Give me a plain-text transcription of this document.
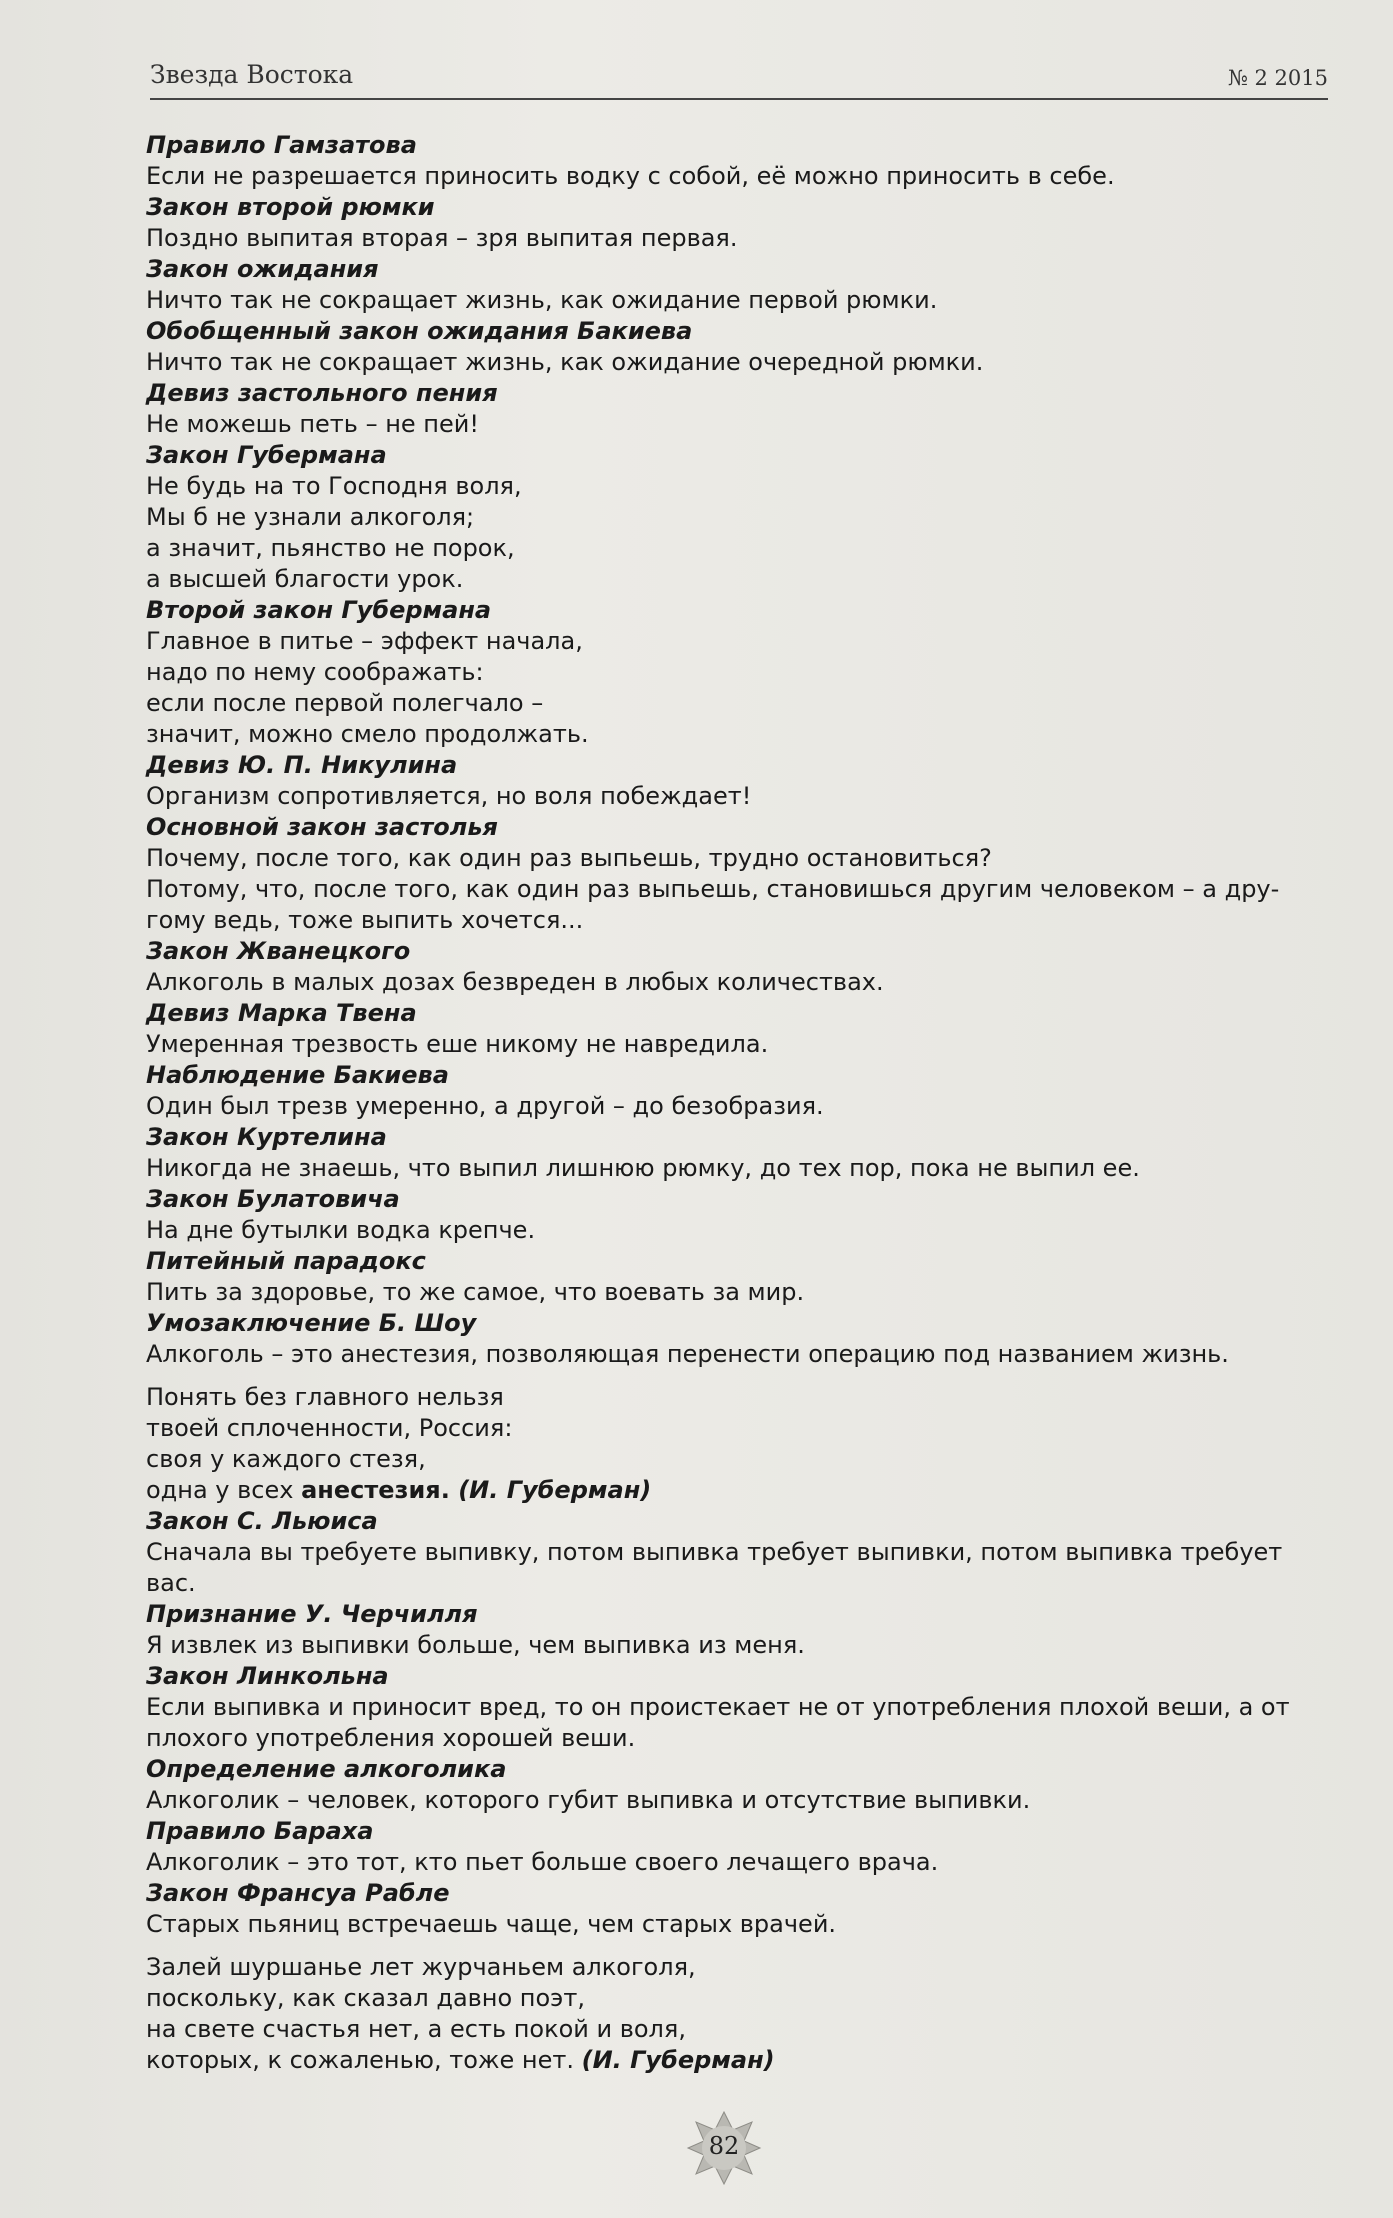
Звезда Востока	№ 2 2015
Правило Гамзатова
Если не разрешается приносить водку с собой, её можно приносить в себе.
Закон второй рюмки
Поздно выпитая вторая – зря выпитая первая.
Закон ожидания
Ничто так не сокращает жизнь, как ожидание первой рюмки.
Обобщенный закон ожидания Бакиева
Ничто так не сокращает жизнь, как ожидание очередной рюмки.
Девиз застольного пения
Не можешь петь – не пей!
Закон Губермана
Не будь на то Господня воля,
Мы б не узнали алкоголя;
а значит, пьянство не порок,
а высшей благости урок.
Второй закон Губермана
Главное в питье – эффект начала,
надо по нему соображать:
если после первой полегчало –
значит, можно смело продолжать.
Девиз Ю. П. Никулина
Организм сопротивляется, но воля побеждает!
Основной закон застолья
Почему, после того, как один раз выпьешь, трудно остановиться?
Потому, что, после того, как один раз выпьешь, становишься другим человеком – а дру-
гому ведь, тоже выпить хочется...
Закон Жванецкого
Алкоголь в малых дозах безвреден в любых количествах.
Девиз Марка Твена
Умеренная трезвость еше никому не навредила.
Наблюдение Бакиева
Один был трезв умеренно, а другой – до безобразия.
Закон Куртелина
Никогда не знаешь, что выпил лишнюю рюмку, до тех пор, пока не выпил ее.
Закон Булатовича
На дне бутылки водка крепче.
Питейный парадокс
Пить за здоровье, то же самое, что воевать за мир.
Умозаключение Б. Шоу
Алкоголь – это анестезия, позволяющая перенести операцию под названием жизнь.
Понять без главного нельзя
твоей сплоченности, Россия:
своя у каждого стезя,
одна у всех анестезия. (И. Губерман)
Закон С. Льюиса
Сначала вы требуете выпивку, потом выпивка требует выпивки, потом выпивка требует вас.
Признание У. Черчилля
Я извлек из выпивки больше, чем выпивка из меня.
Закон Линкольна
Если выпивка и приносит вред, то он проистекает не от употребления плохой веши, а от
плохого употребления хорошей веши.
Определение алкоголика
Алкоголик – человек, которого губит выпивка и отсутствие выпивки.
Правило Бараха
Алкоголик – это тот, кто пьет больше своего лечащего врача.
Закон Франсуа Рабле
Старых пьяниц встречаешь чаще, чем старых врачей.
Залей шуршанье лет журчаньем алкоголя,
поскольку, как сказал давно поэт,
на свете счастья нет, а есть покой и воля,
которых, к сожаленью, тоже нет. (И. Губерман)
82
